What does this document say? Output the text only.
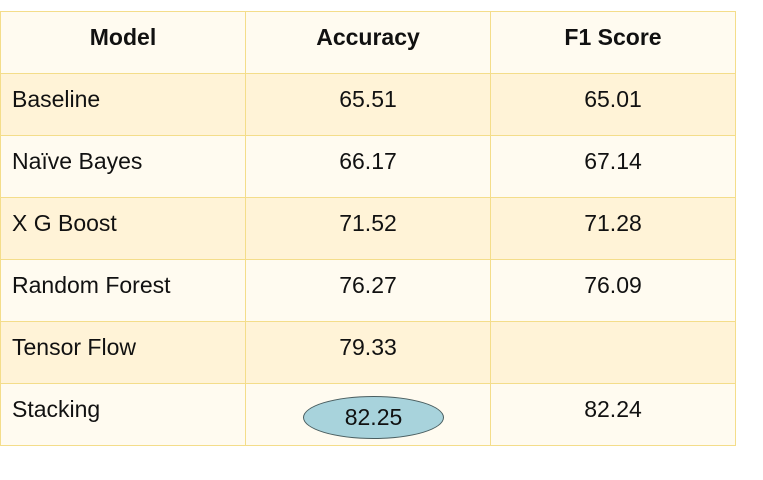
Model	Accuracy	F1 Score
Baseline	65.51	65.01
Naïve Bayes	66.17	67.14
X G Boost	71.52	71.28
Random Forest	76.27	76.09
Tensor Flow	79.33	
Stacking	82.25	82.24
